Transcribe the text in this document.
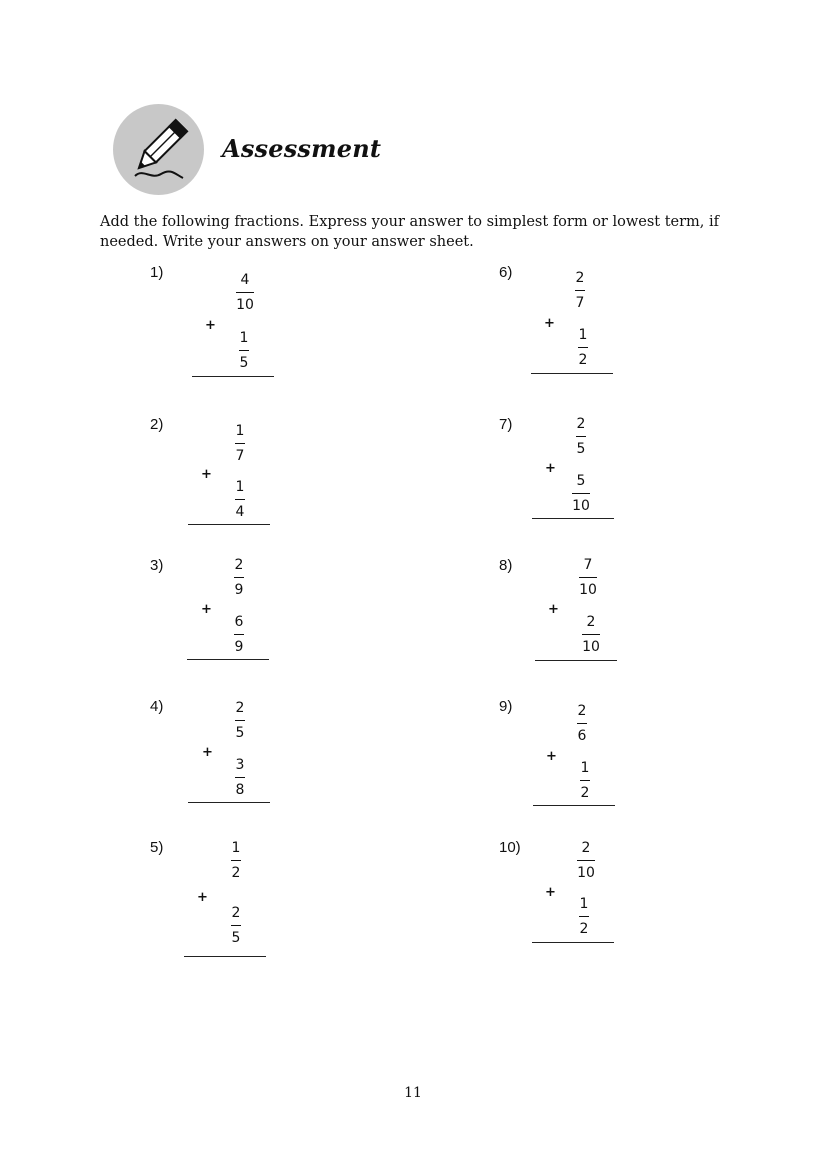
Assessment
Add the following fractions. Express your answer to simplest form or lowest term, if needed. Write your answers on your answer sheet.
1)	4
10
+
1
5
2)	1
7
+
1
4
3)	2
9
+
6
9
4)	2
5
+
3
8
5)	1
2
+
2
5
6)	2
7
+
1
2
7)	2
5
+
5
10
8)	7
10
+
2
10
9)	2
6
+
1
2
10)	2
10
+
1
2
11
